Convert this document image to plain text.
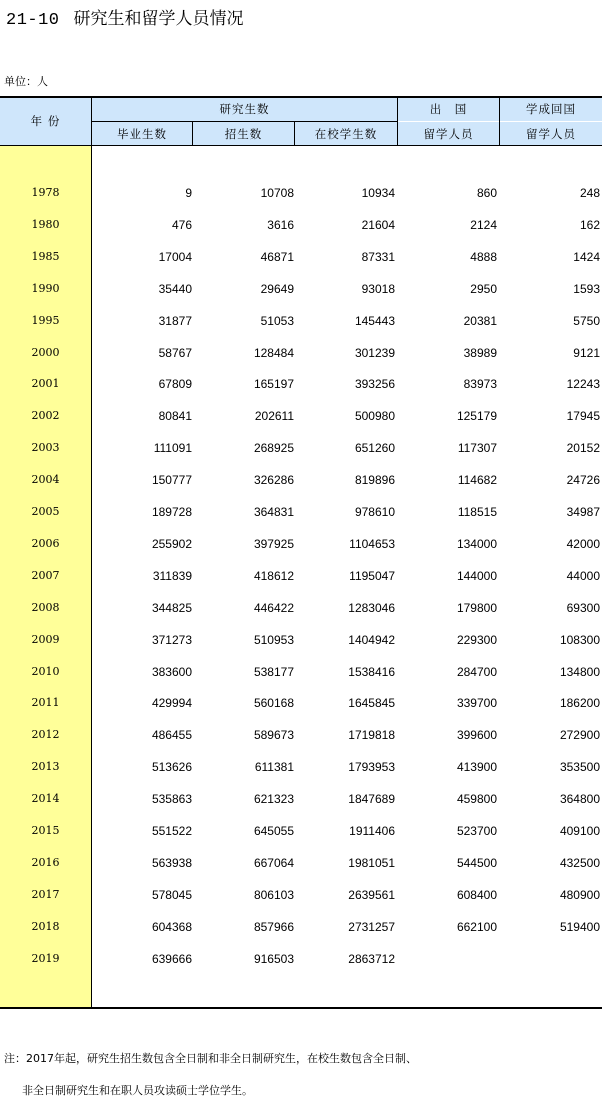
21-10 研究生和留学人员情况
单位：人
年 份
研究生数
毕业生数	招生数	在校学生数
出　国
留学人员
学成回国
留学人员
1978	9	10708	10934	860	248
1980	476	3616	21604	2124	162
1985	17004	46871	87331	4888	1424
1990	35440	29649	93018	2950	1593
1995	31877	51053	145443	20381	5750
2000	58767	128484	301239	38989	9121
2001	67809	165197	393256	83973	12243
2002	80841	202611	500980	125179	17945
2003	111091	268925	651260	117307	20152
2004	150777	326286	819896	114682	24726
2005	189728	364831	978610	118515	34987
2006	255902	397925	1104653	134000	42000
2007	311839	418612	1195047	144000	44000
2008	344825	446422	1283046	179800	69300
2009	371273	510953	1404942	229300	108300
2010	383600	538177	1538416	284700	134800
2011	429994	560168	1645845	339700	186200
2012	486455	589673	1719818	399600	272900
2013	513626	611381	1793953	413900	353500
2014	535863	621323	1847689	459800	364800
2015	551522	645055	1911406	523700	409100
2016	563938	667064	1981051	544500	432500
2017	578045	806103	2639561	608400	480900
2018	604368	857966	2731257	662100	519400
2019	639666	916503	2863712
注：2017年起，研究生招生数包含全日制和非全日制研究生，在校生数包含全日制、
非全日制研究生和在职人员攻读硕士学位学生。
